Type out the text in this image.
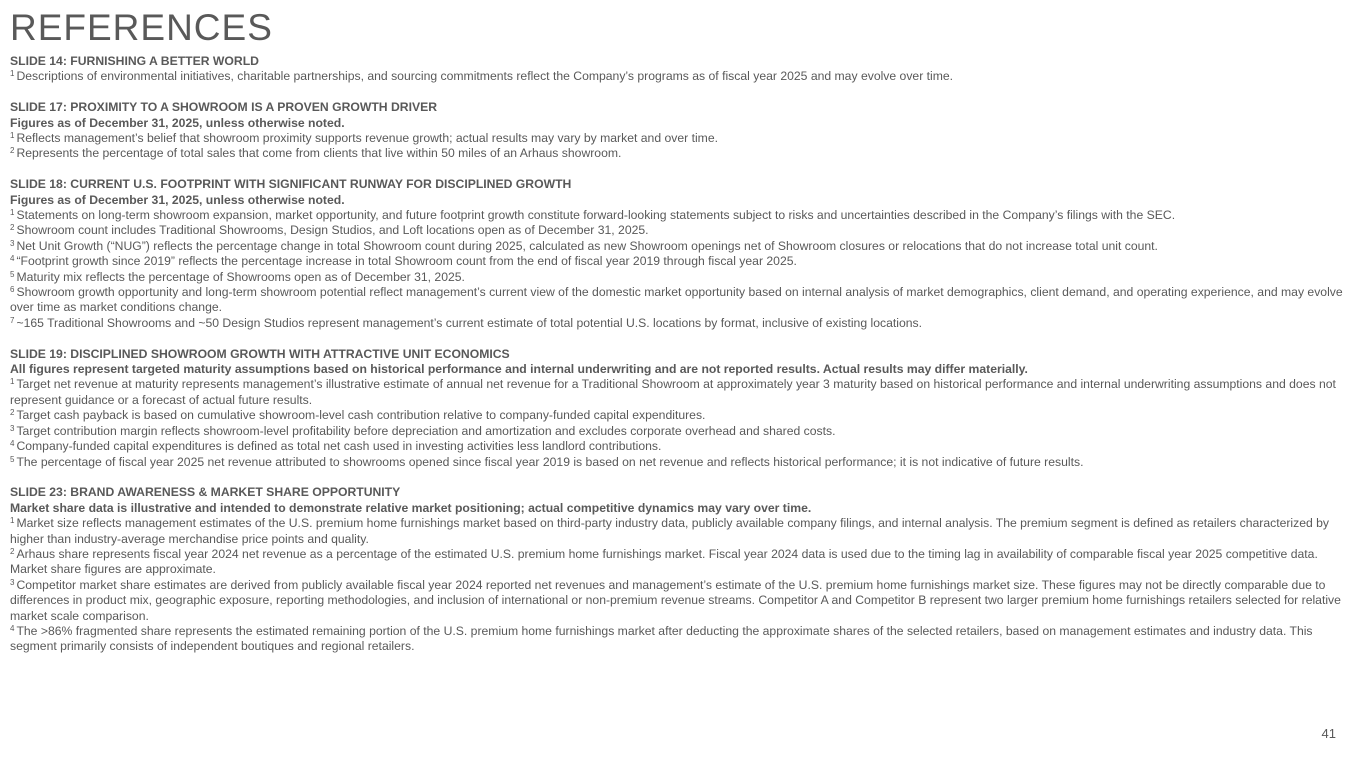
REFERENCES
SLIDE 14: FURNISHING A BETTER WORLD
$^1$ Descriptions of environmental initiatives, charitable partnerships, and sourcing commitments reflect the Company’s programs as of fiscal year 2025 and may evolve over time.
SLIDE 17: PROXIMITY TO A SHOWROOM IS A PROVEN GROWTH DRIVER
Figures as of December 31, 2025, unless otherwise noted.
$^1$ Reflects management’s belief that showroom proximity supports revenue growth; actual results may vary by market and over time.
$^2$ Represents the percentage of total sales that come from clients that live within 50 miles of an Arhaus showroom.
SLIDE 18: CURRENT U.S. FOOTPRINT WITH SIGNIFICANT RUNWAY FOR DISCIPLINED GROWTH
Figures as of December 31, 2025, unless otherwise noted.
$^1$ Statements on long-term showroom expansion, market opportunity, and future footprint growth constitute forward-looking statements subject to risks and uncertainties described in the Company’s filings with the SEC.
$^2$ Showroom count includes Traditional Showrooms, Design Studios, and Loft locations open as of December 31, 2025.
$^3$ Net Unit Growth (“NUG”) reflects the percentage change in total Showroom count during 2025, calculated as new Showroom openings net of Showroom closures or relocations that do not increase total unit count.
$^4$ “Footprint growth since 2019” reflects the percentage increase in total Showroom count from the end of fiscal year 2019 through fiscal year 2025.
$^5$ Maturity mix reflects the percentage of Showrooms open as of December 31, 2025.
$^6$ Showroom growth opportunity and long-term showroom potential reflect management’s current view of the domestic market opportunity based on internal analysis of market demographics, client demand, and operating experience, and may evolve over time as market conditions change.
$^7$ ~165 Traditional Showrooms and ~50 Design Studios represent management’s current estimate of total potential U.S. locations by format, inclusive of existing locations.
SLIDE 19: DISCIPLINED SHOWROOM GROWTH WITH ATTRACTIVE UNIT ECONOMICS
All figures represent targeted maturity assumptions based on historical performance and internal underwriting and are not reported results. Actual results may differ materially.
$^1$ Target net revenue at maturity represents management’s illustrative estimate of annual net revenue for a Traditional Showroom at approximately year 3 maturity based on historical performance and internal underwriting assumptions and does not represent guidance or a forecast of actual future results.
$^2$ Target cash payback is based on cumulative showroom-level cash contribution relative to company-funded capital expenditures.
$^3$ Target contribution margin reflects showroom-level profitability before depreciation and amortization and excludes corporate overhead and shared costs.
$^4$ Company-funded capital expenditures is defined as total net cash used in investing activities less landlord contributions.
$^5$ The percentage of fiscal year 2025 net revenue attributed to showrooms opened since fiscal year 2019 is based on net revenue and reflects historical performance; it is not indicative of future results.
SLIDE 23: BRAND AWARENESS & MARKET SHARE OPPORTUNITY
Market share data is illustrative and intended to demonstrate relative market positioning; actual competitive dynamics may vary over time.
$^1$ Market size reflects management estimates of the U.S. premium home furnishings market based on third-party industry data, publicly available company filings, and internal analysis. The premium segment is defined as retailers characterized by higher than industry-average merchandise price points and quality.
$^2$ Arhaus share represents fiscal year 2024 net revenue as a percentage of the estimated U.S. premium home furnishings market. Fiscal year 2024 data is used due to the timing lag in availability of comparable fiscal year 2025 competitive data. Market share figures are approximate.
$^3$ Competitor market share estimates are derived from publicly available fiscal year 2024 reported net revenues and management’s estimate of the U.S. premium home furnishings market size. These figures may not be directly comparable due to differences in product mix, geographic exposure, reporting methodologies, and inclusion of international or non-premium revenue streams. Competitor A and Competitor B represent two larger premium home furnishings retailers selected for relative market scale comparison.
$^4$ The >86% fragmented share represents the estimated remaining portion of the U.S. premium home furnishings market after deducting the approximate shares of the selected retailers, based on management estimates and industry data. This segment primarily consists of independent boutiques and regional retailers.
41
